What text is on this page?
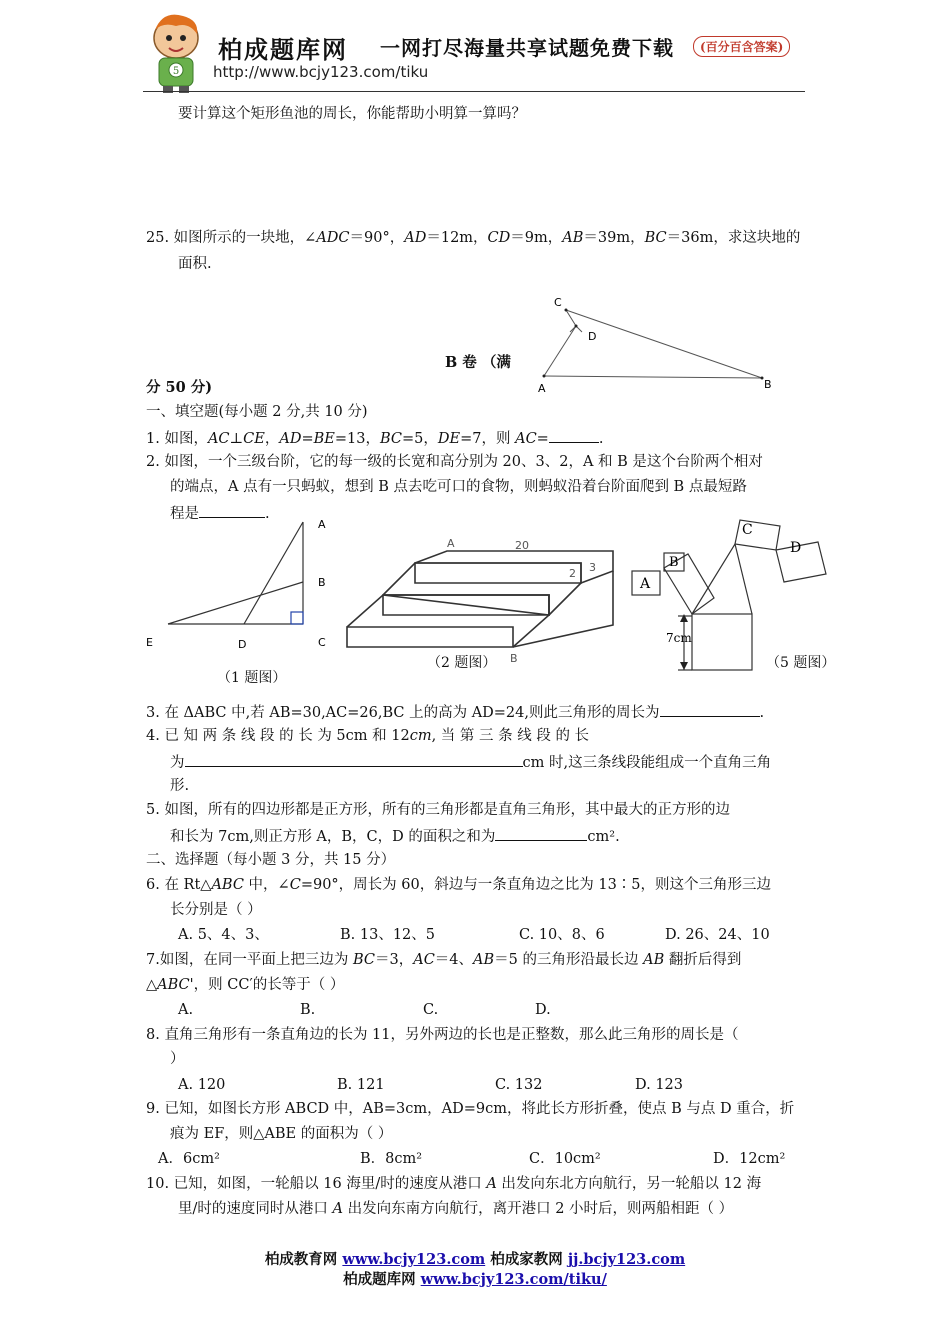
5
柏成题库网 一网打尽海量共享试题免费下载	(百分百含答案)
http://www.bcjy123.com/tiku
要计算这个矩形鱼池的周长，你能帮助小明算一算吗？
25. 如图所示的一块地，∠ADC＝90°，AD＝12m，CD＝9m，AB＝39m，BC＝36m，求这块地的
面积.
C
D
A	B
B 卷 （满
分 50 分)
一、填空题(每小题 2 分,共 10 分)
1. 如图，AC⊥CE，AD=BE=13，BC=5，DE=7，则 AC=	.
2. 如图，一个三级台阶，它的每一级的长宽和高分别为 20、3、2，A 和 B 是这个台阶两个相对
的端点，A 点有一只蚂蚁，想到 B 点去吃可口的食物，则蚂蚁沿着台阶面爬到 B 点最短路
程是	.
A
B
C
D
E
（1 题图）
A	20
2 3
（2 题图） B
A
B
C
D
7cm
（5 题图）
3. 在 ΔABC 中,若 AB=30,AC=26,BC 上的高为 AD=24,则此三角形的周长为	.
4. 已 知 两 条 线 段 的 长 为 5cm 和 12cm, 当 第 三 条 线 段 的 长
为	cm 时,这三条线段能组成一个直角三角
形.
5. 如图，所有的四边形都是正方形，所有的三角形都是直角三角形，其中最大的正方形的边
和长为 7cm,则正方形 A，B，C，D 的面积之和为	cm².
二、选择题（每小题 3 分，共 15 分）
6. 在 Rt△ABC 中，∠C=90°，周长为 60，斜边与一条直角边之比为 13∶5，则这个三角形三边
长分别是（ ）
A. 5、4、3、	B. 13、12、5	C. 10、8、6	D. 26、24、10
7.如图，在同一平面上把三边为 BC＝3，AC＝4、AB＝5 的三角形沿最长边 AB 翻折后得到
△ABC'，则 CC′的长等于（ ）
A.	B.	C.	D.
8. 直角三角形有一条直角边的长为 11，另外两边的长也是正整数，那么此三角形的周长是（
）
A. 120	B. 121	C. 132	D. 123
9. 已知，如图长方形 ABCD 中，AB=3cm，AD=9cm，将此长方形折叠，使点 B 与点 D 重合，折
痕为 EF，则△ABE 的面积为（ ）
A．6cm²	B．8cm²	C．10cm²	D．12cm²
10. 已知，如图，一轮船以 16 海里/时的速度从港口 A 出发向东北方向航行，另一轮船以 12 海
里/时的速度同时从港口 A 出发向东南方向航行，离开港口 2 小时后，则两船相距（ ）
柏成教育网 www.bcjy123.com 柏成家教网 jj.bcjy123.com
柏成题库网 www.bcjy123.com/tiku/
